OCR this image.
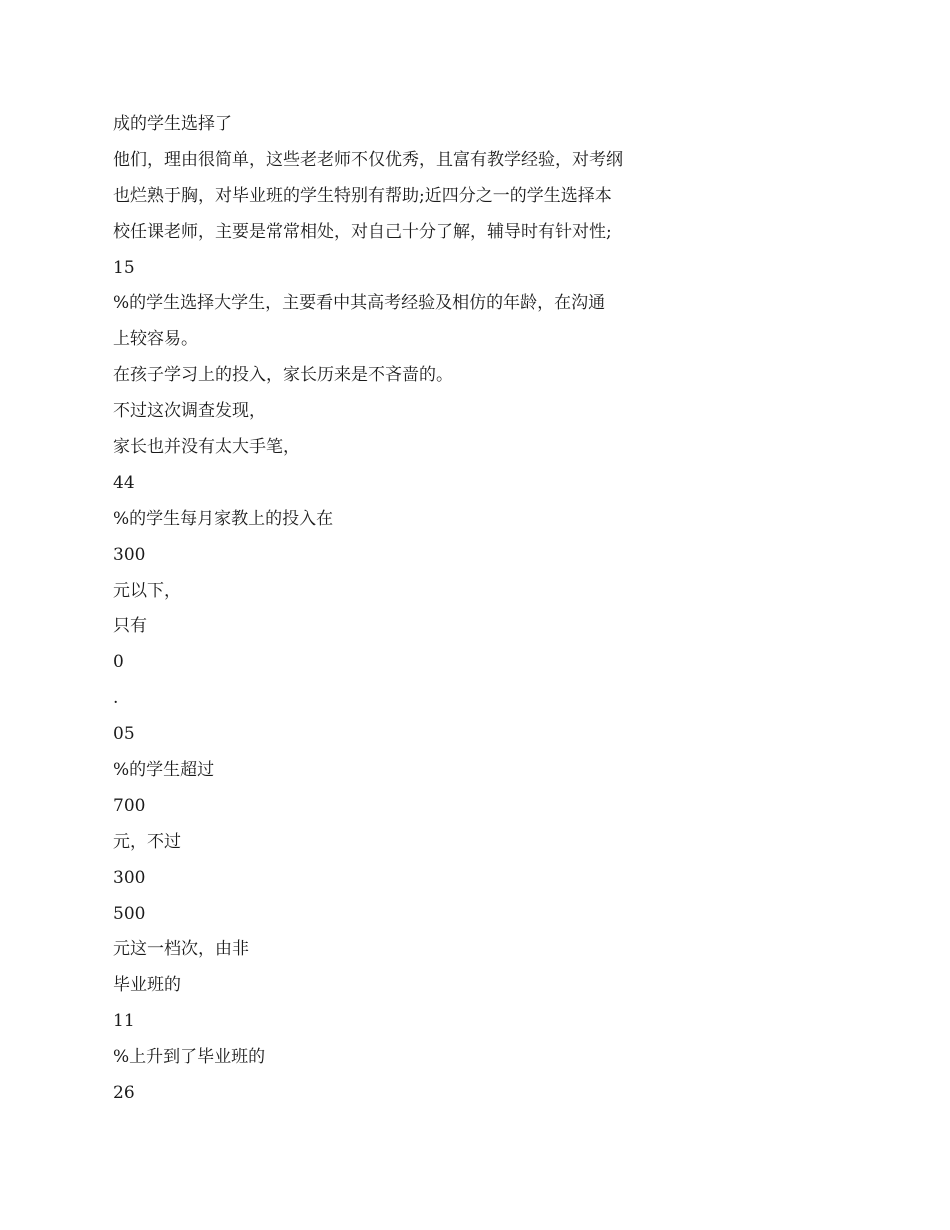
成的学生选择了
他们，理由很简单，这些老老师不仅优秀，且富有教学经验，对考纲
也烂熟于胸，对毕业班的学生特别有帮助;近四分之一的学生选择本
校任课老师，主要是常常相处，对自己十分了解，辅导时有针对性;
15
%的学生选择大学生，主要看中其高考经验及相仿的年龄，在沟通
上较容易。
在孩子学习上的投入，家长历来是不吝啬的。
不过这次调查发现，
家长也并没有太大手笔，
44
%的学生每月家教上的投入在
300
元以下，
只有
0
.
05
%的学生超过
700
元，不过
300
500
元这一档次，由非
毕业班的
11
%上升到了毕业班的
26
